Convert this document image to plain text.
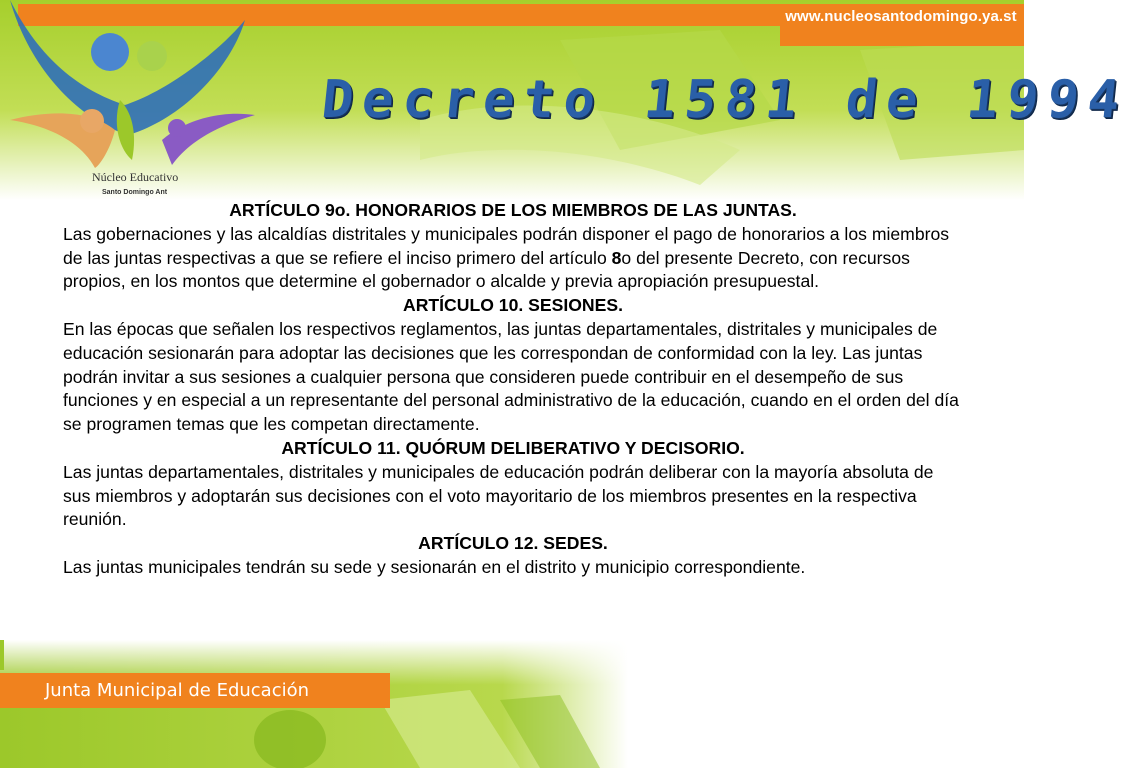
Núcleo Educativo
Santo Domingo Ant
www.nucleosantodomingo.ya.st
Decreto 1581 de 1994
ARTÍCULO 9o. HONORARIOS DE LOS MIEMBROS DE LAS JUNTAS.

Las gobernaciones y las alcaldías distritales y municipales podrán disponer el pago de honorarios a los miembros de las juntas respectivas a que se refiere el inciso primero del artículo 8o del presente Decreto, con recursos propios, en los montos que determine el gobernador o alcalde y previa apropiación presupuestal.

ARTÍCULO 10. SESIONES.

En las épocas que señalen los respectivos reglamentos, las juntas departamentales, distritales y municipales de educación sesionarán para adoptar las decisiones que les correspondan de conformidad con la ley. Las juntas podrán invitar a sus sesiones a cualquier persona que consideren puede contribuir en el desempeño de sus funciones y en especial a un representante del personal administrativo de la educación, cuando en el orden del día se programen temas que les competan directamente.

ARTÍCULO 11. QUÓRUM DELIBERATIVO Y DECISORIO.

Las juntas departamentales, distritales y municipales de educación podrán deliberar con la mayoría absoluta de sus miembros y adoptarán sus decisiones con el voto mayoritario de los miembros presentes en la respectiva reunión.

ARTÍCULO 12. SEDES.

Las juntas municipales tendrán su sede y sesionarán en el distrito y municipio correspondiente.

Junta Municipal de Educación
